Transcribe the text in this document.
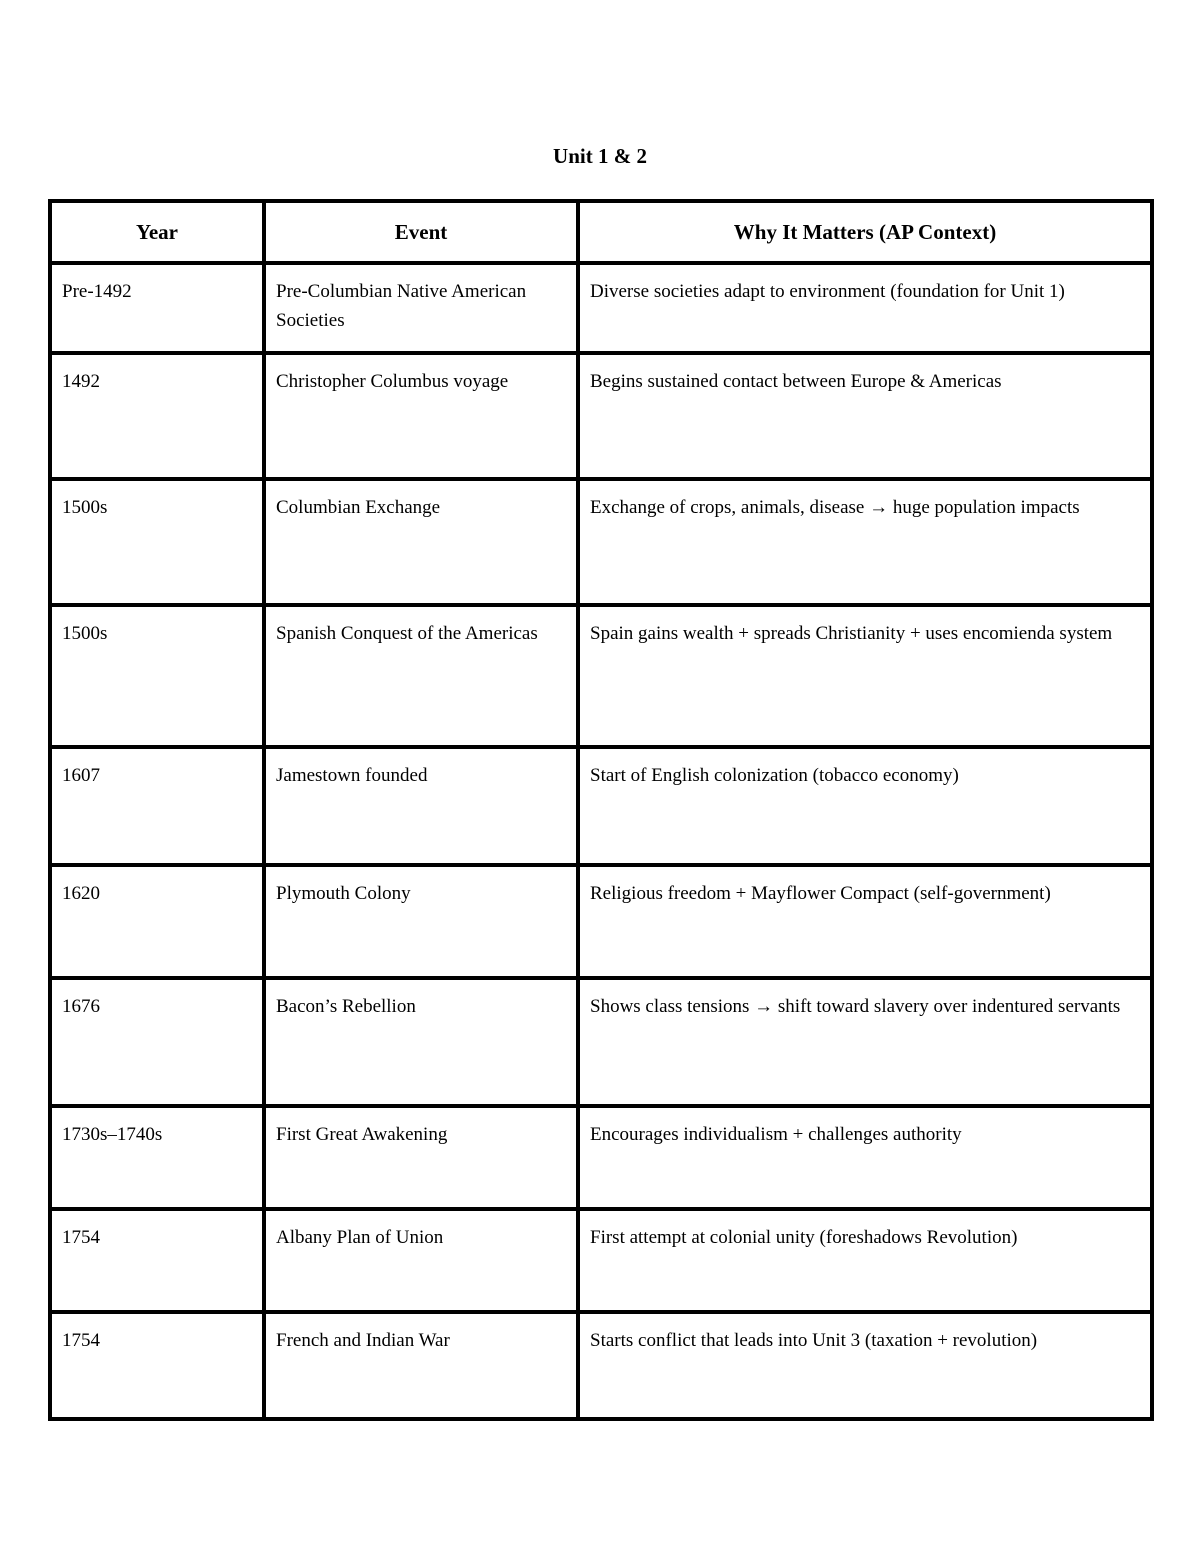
Unit 1 & 2
Year	Event	Why It Matters (AP Context)
Pre-1492	Pre-Columbian Native American Societies	Diverse societies adapt to environment (foundation for Unit 1)
1492	Christopher Columbus voyage	Begins sustained contact between Europe & Americas
1500s	Columbian Exchange	Exchange of crops, animals, disease → huge population impacts
1500s	Spanish Conquest of the Americas	Spain gains wealth + spreads Christianity + uses encomienda system
1607	Jamestown founded	Start of English colonization (tobacco economy)
1620	Plymouth Colony	Religious freedom + Mayflower Compact (self-government)
1676	Bacon’s Rebellion	Shows class tensions → shift toward slavery over indentured servants
1730s–1740s	First Great Awakening	Encourages individualism + challenges authority
1754	Albany Plan of Union	First attempt at colonial unity (foreshadows Revolution)
1754	French and Indian War	Starts conflict that leads into Unit 3 (taxation + revolution)
